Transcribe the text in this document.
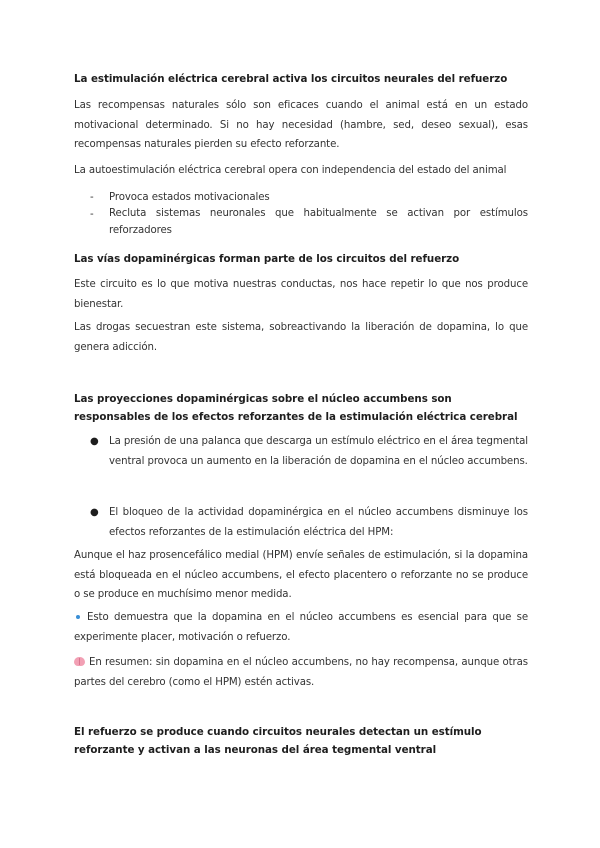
La estimulación eléctrica cerebral activa los circuitos neurales del refuerzo
Las recompensas naturales sólo son eficaces cuando el animal está en un estado motivacional determinado. Si no hay necesidad (hambre, sed, deseo sexual), esas recompensas naturales pierden su efecto reforzante.
La autoestimulación eléctrica cerebral opera con independencia del estado del animal
- Provoca estados motivacionales
- Recluta sistemas neuronales que habitualmente se activan por estímulos reforzadores
Las vías dopaminérgicas forman parte de los circuitos del refuerzo
Este circuito es lo que motiva nuestras conductas, nos hace repetir lo que nos produce bienestar.
Las drogas secuestran este sistema, sobreactivando la liberación de dopamina, lo que genera adicción.
Las proyecciones dopaminérgicas sobre el núcleo accumbens son responsables de los efectos reforzantes de la estimulación eléctrica cerebral
● La presión de una palanca que descarga un estímulo eléctrico en el área tegmental ventral provoca un aumento en la liberación de dopamina en el núcleo accumbens.
● El bloqueo de la actividad dopaminérgica en el núcleo accumbens disminuye los efectos reforzantes de la estimulación eléctrica del HPM:
Aunque el haz prosencefálico medial (HPM) envíe señales de estimulación, si la dopamina está bloqueada en el núcleo accumbens, el efecto placentero o reforzante no se produce o se produce en muchísimo menor medida.
Esto demuestra que la dopamina en el núcleo accumbens es esencial para que se experimente placer, motivación o refuerzo.
En resumen: sin dopamina en el núcleo accumbens, no hay recompensa, aunque otras partes del cerebro (como el HPM) estén activas.
El refuerzo se produce cuando circuitos neurales detectan un estímulo reforzante y activan a las neuronas del área tegmental ventral
